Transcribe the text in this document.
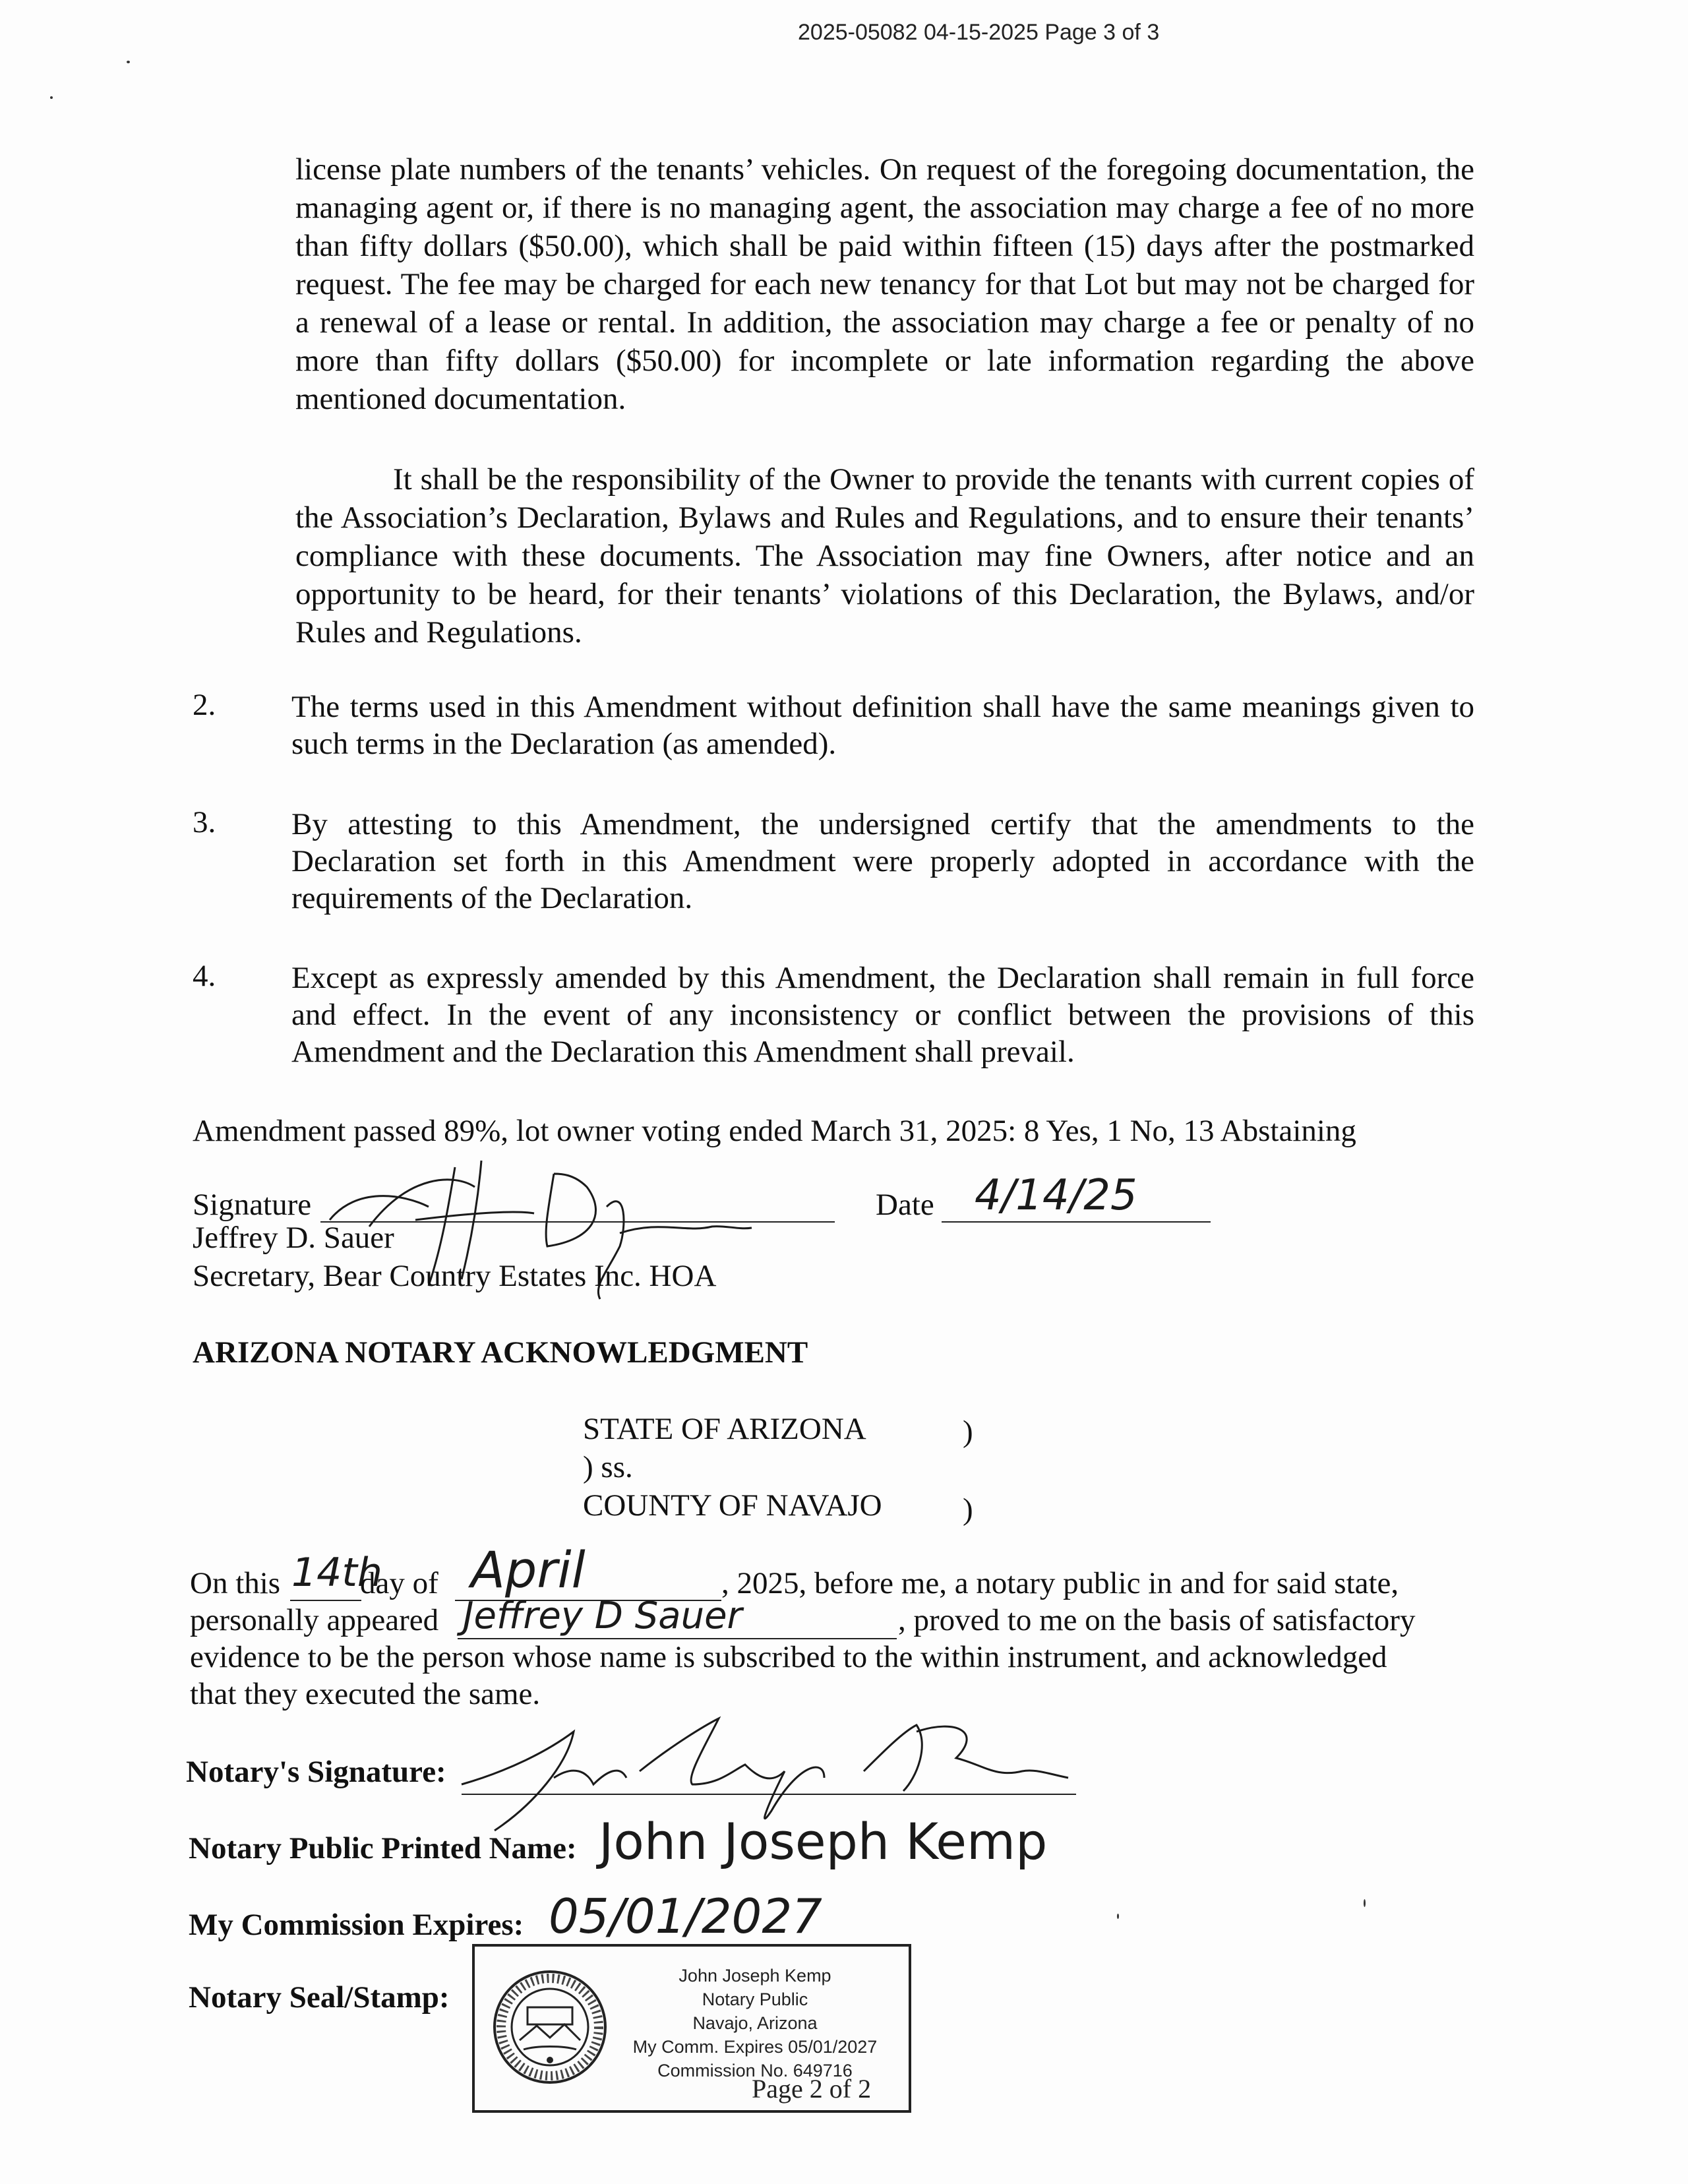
2025-05082 04-15-2025 Page 3 of 3
license plate numbers of the tenants’ vehicles. On request of the foregoing documentation, the managing agent or, if there is no managing agent, the association may charge a fee of no more than fifty dollars ($50.00), which shall be paid within fifteen (15) days after the postmarked request. The fee may be charged for each new tenancy for that Lot but may not be charged for a renewal of a lease or rental. In addition, the association may charge a fee or penalty of no more than fifty dollars ($50.00) for incomplete or late information regarding the above mentioned documentation.
It shall be the responsibility of the Owner to provide the tenants with current copies of the Association’s Declaration, Bylaws and Rules and Regulations, and to ensure their tenants’ compliance with these documents. The Association may fine Owners, after notice and an opportunity to be heard, for their tenants’ violations of this Declaration, the Bylaws, and/or Rules and Regulations.
2. The terms used in this Amendment without definition shall have the same meanings given to such terms in the Declaration (as amended).
3. By attesting to this Amendment, the undersigned certify that the amendments to the Declaration set forth in this Amendment were properly adopted in accordance with the requirements of the Declaration.
4. Except as expressly amended by this Amendment, the Declaration shall remain in full force and effect. In the event of any inconsistency or conflict between the provisions of this Amendment and the Declaration this Amendment shall prevail.
Amendment passed 89%, lot owner voting ended March 31, 2025: 8 Yes, 1 No, 13 Abstaining
Signature	Date 4/14/25
Jeffrey D. Sauer
Secretary, Bear Country Estates Inc. HOA
ARIZONA NOTARY ACKNOWLEDGMENT
STATE OF ARIZONA	)
) ss.
COUNTY OF NAVAJO	)
On this 14th
day of April	, 2025, before me, a notary public in and for said state,
personally appeared Jeffrey D Sauer	, proved to me on the basis of satisfactory
evidence to be the person whose name is subscribed to the within instrument, and acknowledged
that they executed the same.
Notary's Signature:
Notary Public Printed Name: John Joseph Kemp
My Commission Expires: 05/01/2027
Notary Seal/Stamp:
John Joseph Kemp
Notary Public
Navajo, Arizona
My Comm. Expires 05/01/2027
Commission No. 649716
Page 2 of 2
